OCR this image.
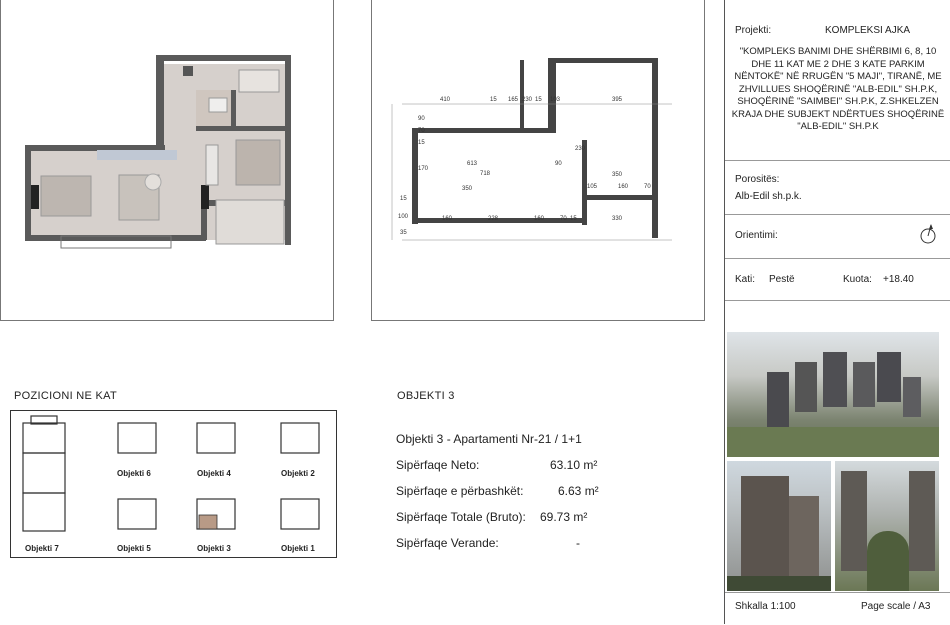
410	15 165 230 15 103	395
90
70
15
613
718
90
230
350
170
105	160	70
350
15
100	160	228	160	70 15	330
35
POZICIONI NE KAT
Objekti 7
Objekti 6	Objekti 4	Objekti 2
Objekti 5	Objekti 3	Objekti 1
OBJEKTI 3
Objekti 3 - Apartamenti Nr-21 / 1+1
Sipërfaqe Neto:	63.10 m²
Sipërfaqe e përbashkët:	6.63 m²
Sipërfaqe Totale (Bruto):	69.73 m²
Sipërfaqe Verande:	-
Projekti:	KOMPLEKSI AJKA
"KOMPLEKS BANIMI DHE SHËRBIMI 6, 8, 10 DHE 11 KAT ME 2 DHE 3 KATE PARKIM NËNTOKË" NË RRUGËN "5 MAJI", TIRANË, ME ZHVILLUES SHOQËRINË "ALB-EDIL" SH.P.K, SHOQËRINË "SAIMBEI" SH.P.K, Z.SHKELZEN KRAJA DHE SUBJEKT NDËRTUES SHOQËRINË "ALB-EDIL" SH.P.K
Porositës:
Alb-Edil sh.p.k.
Orientimi:
Kati: Pestë	Kuota: +18.40
Shkalla 1:100	Page scale / A3
